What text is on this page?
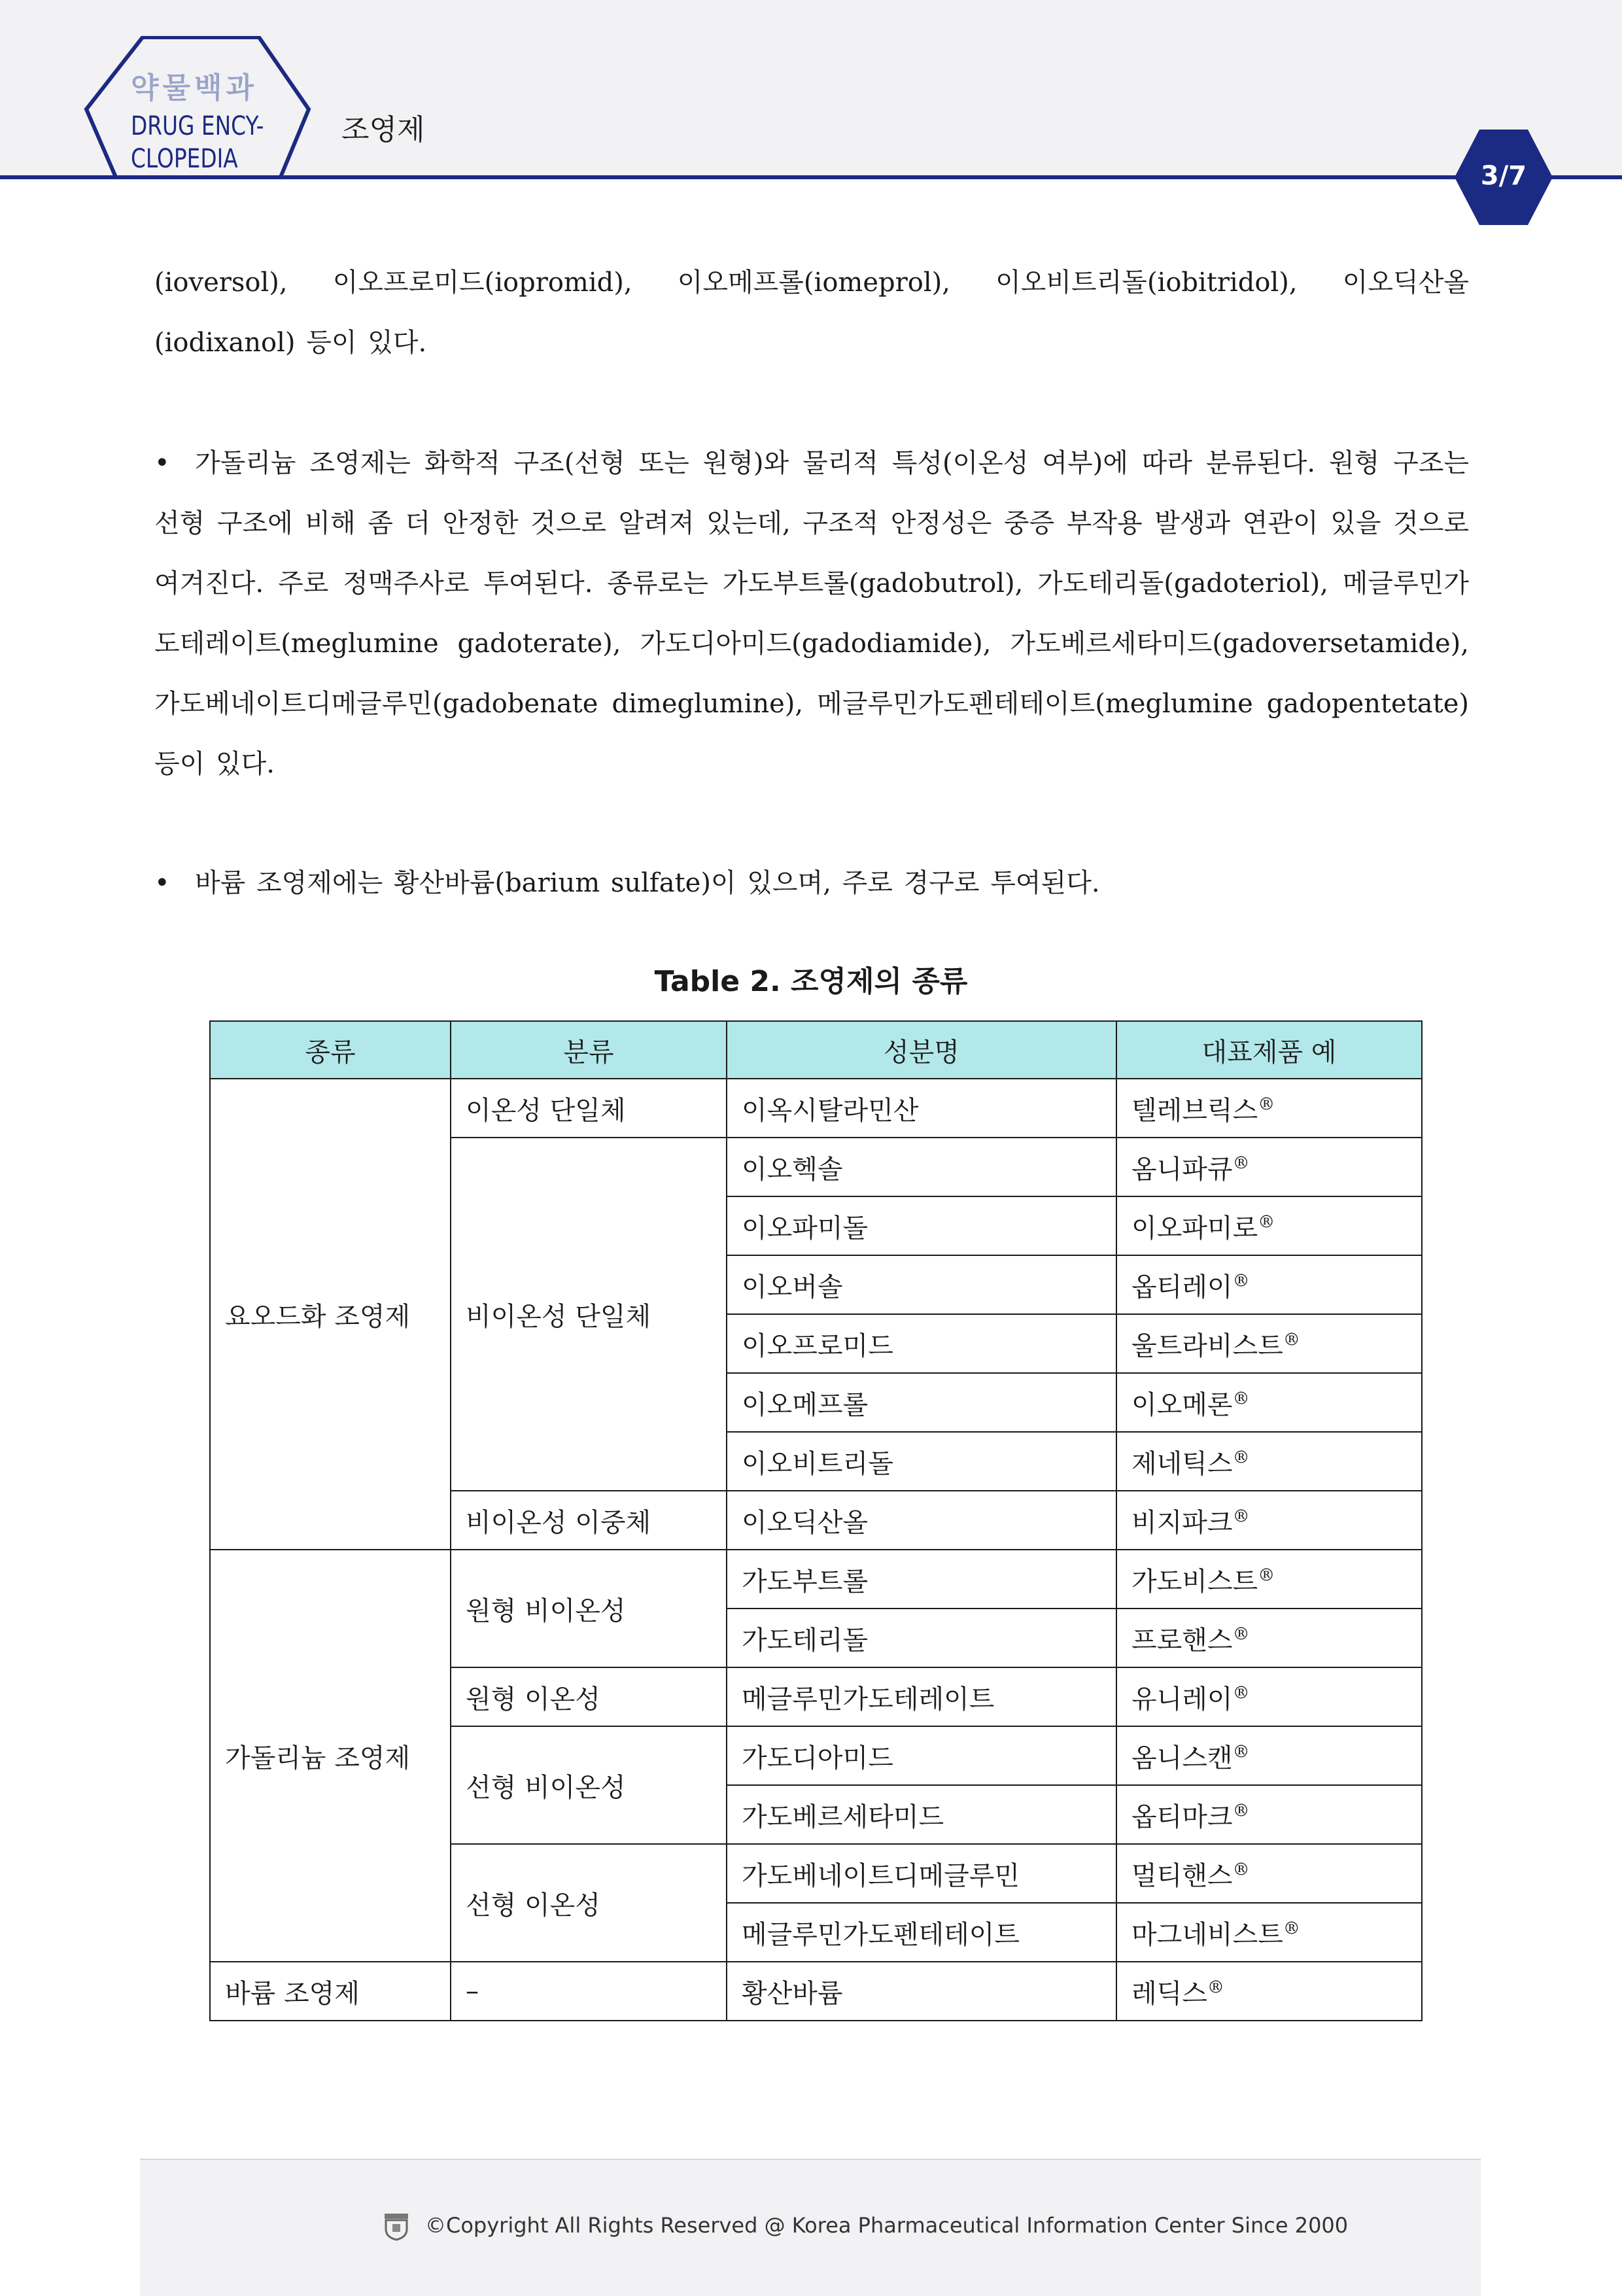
약물백과
DRUG ENCY-
CLOPEDIA
조영제
3/7
(ioversol), 이오프로미드(iopromid), 이오메프롤(iomeprol), 이오비트리돌(iobitridol), 이오딕산올(iodixanol) 등이 있다.
• 가돌리늄 조영제는 화학적 구조(선형 또는 원형)와 물리적 특성(이온성 여부)에 따라 분류된다. 원형 구조는 선형 구조에 비해 좀 더 안정한 것으로 알려져 있는데, 구조적 안정성은 중증 부작용 발생과 연관이 있을 것으로 여겨진다. 주로 정맥주사로 투여된다. 종류로는 가도부트롤(gadobutrol), 가도테리돌(gadoteriol), 메글루민가도테레이트(meglumine gadoterate), 가도디아미드(gadodiamide), 가도베르세타미드(gadoversetamide), 가도베네이트디메글루민(gadobenate dimeglumine), 메글루민가도펜테테이트(meglumine gadopentetate) 등이 있다.
• 바륨 조영제에는 황산바륨(barium sulfate)이 있으며, 주로 경구로 투여된다.
Table 2. 조영제의 종류
종류	분류	성분명	대표제품 예
요오드화 조영제	이온성 단일체	이옥시탈라민산	텔레브릭스®
	비이온성 단일체	이오헥솔	옴니파큐®
		이오파미돌	이오파미로®
		이오버솔	옵티레이®
		이오프로미드	울트라비스트®
		이오메프롤	이오메론®
		이오비트리돌	제네틱스®
	비이온성 이중체	이오딕산올	비지파크®
가돌리늄 조영제	원형 비이온성	가도부트롤	가도비스트®
		가도테리돌	프로핸스®
	원형 이온성	메글루민가도테레이트	유니레이®
	선형 비이온성	가도디아미드	옴니스캔®
		가도베르세타미드	옵티마크®
	선형 이온성	가도베네이트디메글루민	멀티핸스®
		메글루민가도펜테테이트	마그네비스트®
바륨 조영제	–	황산바륨	레딕스®
©Copyright All Rights Reserved @ Korea Pharmaceutical Information Center Since 2000
